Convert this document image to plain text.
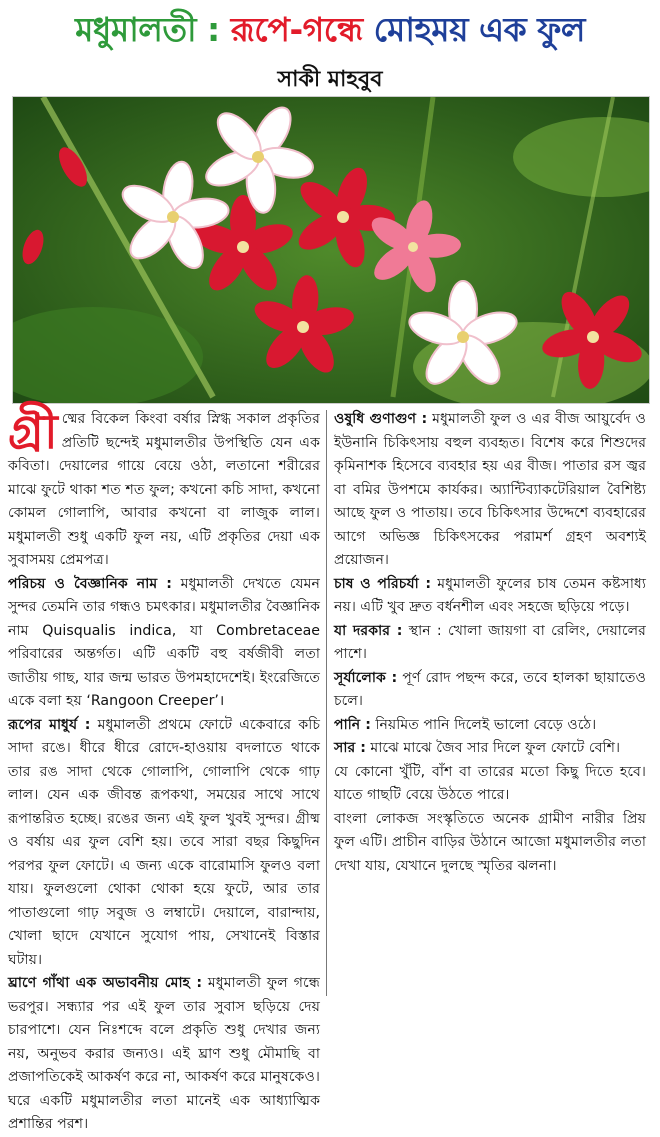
মধুমালতী : রূপে-গন্ধে মোহময় এক ফুল
সাকী মাহবুব

গ্রী ষ্মের বিকেল কিংবা বর্ষার স্নিগ্ধ সকাল প্রকৃতির প্রতিটি ছন্দেই মধুমালতীর উপস্থিতি যেন এক কবিতা। দেয়ালের গায়ে বেয়ে ওঠা, লতানো শরীরের মাঝে ফুটে থাকা শত শত ফুল; কখনো কচি সাদা, কখনো কোমল গোলাপি, আবার কখনো বা লাজুক লাল। মধুমালতী শুধু একটি ফুল নয়, এটি প্রকৃতির দেয়া এক সুবাসময় প্রেমপত্র।

পরিচয় ও বৈজ্ঞানিক নাম : মধুমালতী দেখতে যেমন সুন্দর তেমনি তার গন্ধও চমৎকার। মধুমালতীর বৈজ্ঞানিক নাম Quisqualis indica, যা Combretaceae পরিবারের অন্তর্গত। এটি একটি বহু বর্ষজীবী লতা জাতীয় গাছ, যার জন্ম ভারত উপমহাদেশেই। ইংরেজিতে একে বলা হয় ‘Rangoon Creeper’।

রূপের মাধুর্য : মধুমালতী প্রথমে ফোটে একেবারে কচি সাদা রঙে। ধীরে ধীরে রোদে-হাওয়ায় বদলাতে থাকে তার রঙ সাদা থেকে গোলাপি, গোলাপি থেকে গাঢ় লাল। যেন এক জীবন্ত রূপকথা, সময়ের সাথে সাথে রূপান্তরিত হচ্ছে। রঙের জন্য এই ফুল খুবই সুন্দর। গ্রীষ্ম ও বর্ষায় এর ফুল বেশি হয়। তবে সারা বছর কিছুদিন পরপর ফুল ফোটে। এ জন্য একে বারোমাসি ফুলও বলা যায়। ফুলগুলো থোকা থোকা হয়ে ফুটে, আর তার পাতাগুলো গাঢ় সবুজ ও লম্বাটে। দেয়ালে, বারান্দায়, খোলা ছাদে যেখানে সুযোগ পায়, সেখানেই বিস্তার ঘটায়।

ঘ্রাণে গাঁথা এক অভাবনীয় মোহ : মধুমালতী ফুল গন্ধে ভরপুর। সন্ধ্যার পর এই ফুল তার সুবাস ছড়িয়ে দেয় চারপাশে। যেন নিঃশব্দে বলে প্রকৃতি শুধু দেখার জন্য নয়, অনুভব করার জন্যও। এই ঘ্রাণ শুধু মৌমাছি বা প্রজাপতিকেই আকর্ষণ করে না, আকর্ষণ করে মানুষকেও। ঘরে একটি মধুমালতীর লতা মানেই এক আধ্যাত্মিক প্রশান্তির পরশ।

ওষুধি গুণাগুণ : মধুমালতী ফুল ও এর বীজ আয়ুর্বেদ ও ইউনানি চিকিৎসায় বহুল ব্যবহৃত। বিশেষ করে শিশুদের কৃমিনাশক হিসেবে ব্যবহার হয় এর বীজ। পাতার রস জ্বর বা বমির উপশমে কার্যকর। অ্যান্টিব্যাকটেরিয়াল বৈশিষ্ট্য আছে ফুল ও পাতায়। তবে চিকিৎসার উদ্দেশে ব্যবহারের আগে অভিজ্ঞ চিকিৎসকের পরামর্শ গ্রহণ অবশ্যই প্রয়োজন।

চাষ ও পরিচর্যা : মধুমালতী ফুলের চাষ তেমন কষ্টসাধ্য নয়। এটি খুব দ্রুত বর্ধনশীল এবং সহজে ছড়িয়ে পড়ে।

যা দরকার : স্থান : খোলা জায়গা বা রেলিং, দেয়ালের পাশে।

সূর্যালোক : পূর্ণ রোদ পছন্দ করে, তবে হালকা ছায়াতেও চলে।

পানি : নিয়মিত পানি দিলেই ভালো বেড়ে ওঠে।

সার : মাঝে মাঝে জৈব সার দিলে ফুল ফোটে বেশি।

যে কোনো খুঁটি, বাঁশ বা তারের মতো কিছু দিতে হবে। যাতে গাছটি বেয়ে উঠতে পারে।

বাংলা লোকজ সংস্কৃতিতে অনেক গ্রামীণ নারীর প্রিয় ফুল এটি। প্রাচীন বাড়ির উঠানে আজো মধুমালতীর লতা দেখা যায়, যেখানে দুলছে স্মৃতির ঝলনা।
